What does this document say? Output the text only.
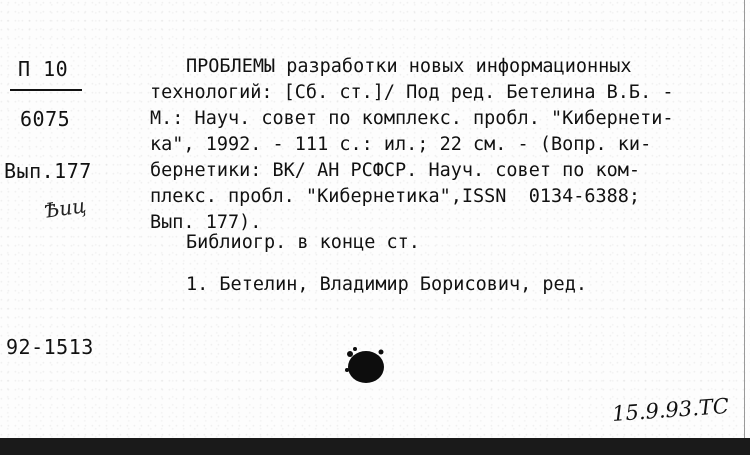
П 10
6075
Вып.177
Ѣиц
92-1513
ПРОБЛЕМЫ разработки новых информационных
технологий: [Сб. ст.]/ Под ред. Бетелина В.Б. -
М.: Науч. совет по комплекс. пробл. "Кибернети-
ка", 1992. - 111 с.: ил.; 22 см. - (Вопр. ки-
бернетики: ВК/ АН РСФСР. Науч. совет по ком-
плекс. пробл. "Кибернетика",ISSN  0134-6388;
Вып. 177).
Библиогр. в конце ст.
1. Бетелин, Владимир Борисович, ред.
15.9.93.ТС
